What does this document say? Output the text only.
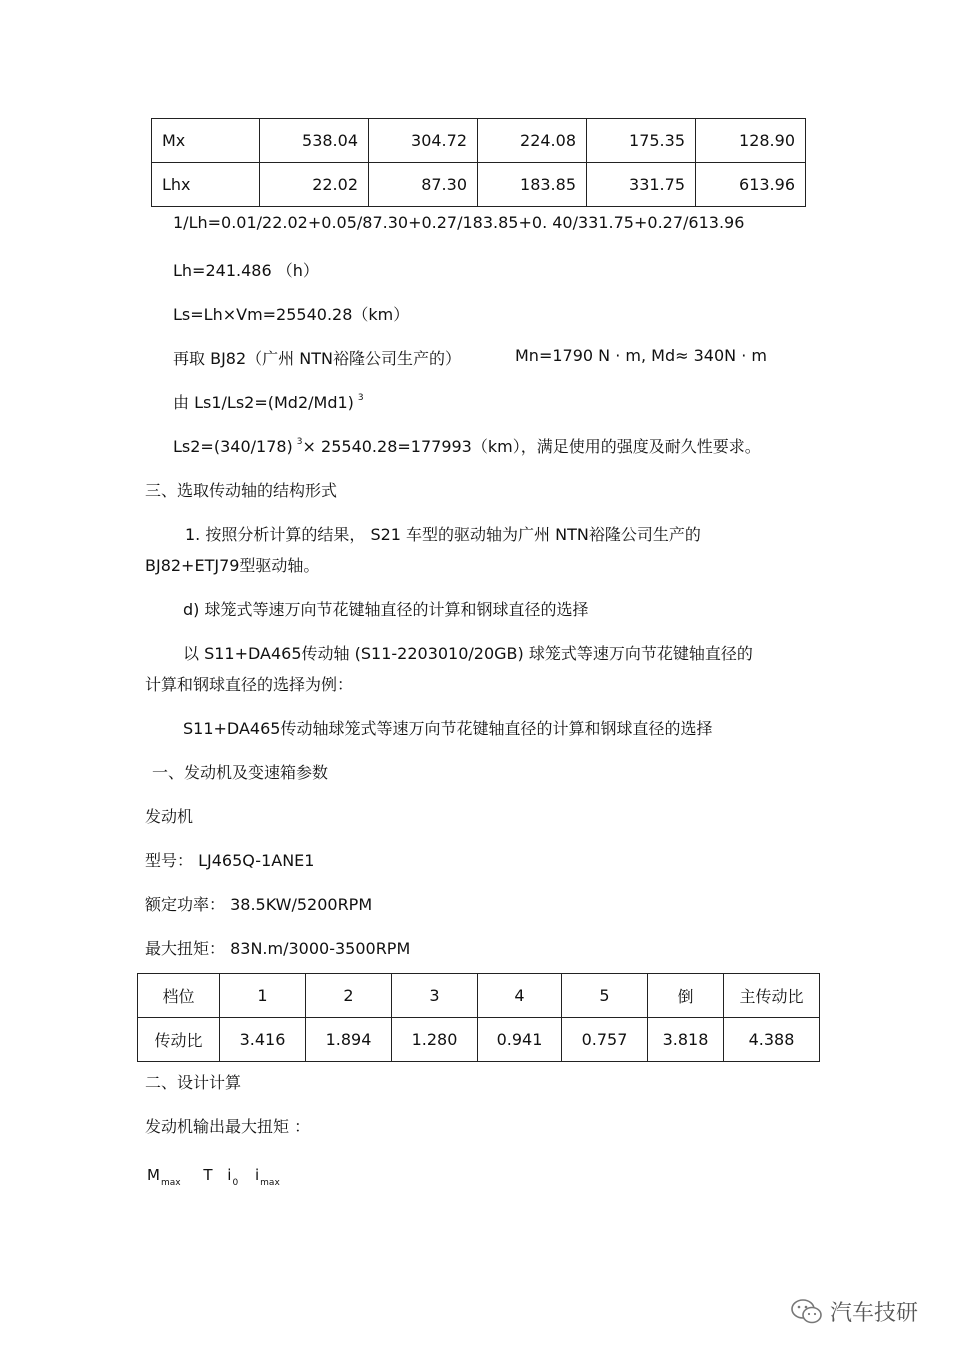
Mx	538.04	304.72	224.08	175.35	128.90
Lhx	22.02	87.30	183.85	331.75	613.96
1/Lh=0.01/22.02+0.05/87.30+0.27/183.85+0. 40/331.75+0.27/613.96
Lh=241.486 （h）
Ls=Lh×Vm=25540.28（km）
再取 BJ82（广州 NTN裕隆公司生产的）	Mn=1790 N · m, Md≈ 340N · m
由 Ls1/Ls2=(Md2/Md1) $^3$
Ls2=(340/178) $^3$× 25540.28=177993（km），满足使用的强度及耐久性要求。
三、选取传动轴的结构形式
1. 按照分析计算的结果， S21 车型的驱动轴为广州 NTN裕隆公司生产的
BJ82+ETJ79型驱动轴。
d) 球笼式等速万向节花键轴直径的计算和钢球直径的选择
以 S11+DA465传动轴 (S11-2203010/20GB) 球笼式等速万向节花键轴直径的
计算和钢球直径的选择为例：
S11+DA465传动轴球笼式等速万向节花键轴直径的计算和钢球直径的选择
一、发动机及变速箱参数
发动机
型号： LJ465Q-1ANE1
额定功率： 38.5KW/5200RPM
最大扭矩： 83N.m/3000-3500RPM
档位	1	2	3	4	5	倒	主传动比
传动比	3.416	1.894	1.280	0.941	0.757	3.818	4.388
二、设计计算
发动机输出最大扭矩 ：
$M_{max}$ T $i_0$ $i_{max}$
汽车技研
